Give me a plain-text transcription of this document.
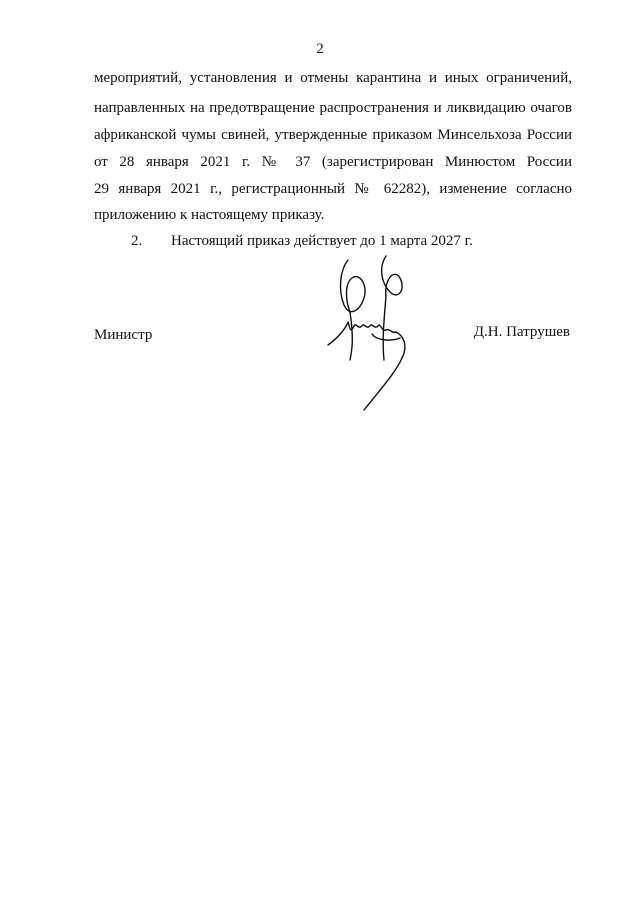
2
мероприятий, установления и отмены карантина и иных ограничений,
направленных на предотвращение распространения и ликвидацию очагов
африканской чумы свиней, утвержденные приказом Минсельхоза России
от 28 января 2021 г. № 37 (зарегистрирован Минюстом России
29 января 2021 г., регистрационный № 62282), изменение согласно
приложению к настоящему приказу.
2. Настоящий приказ действует до 1 марта 2027 г.
Министр	Д.Н. Патрушев
